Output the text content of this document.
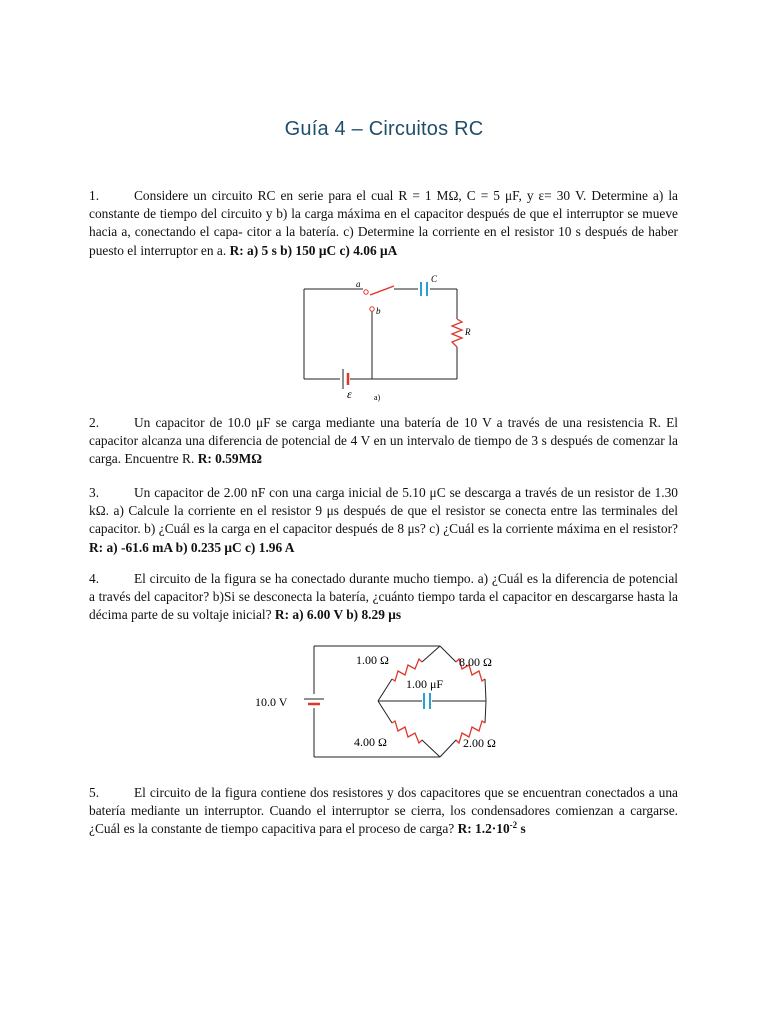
Guía 4 – Circuitos RC
1.	Considere un circuito RC en serie para el cual R = 1 MΩ, C = 5 μF, y ε= 30 V. Determine a) la constante de tiempo del circuito y b) la carga máxima en el capacitor después de que el interruptor se mueve hacia a, conectando el capa- citor a la batería. c) Determine la corriente en el resistor 10 s después de haber puesto el interruptor en a. R: a) 5 s b) 150 μC c) 4.06 μA
a
b
C
R
ε	a)
2.	Un capacitor de 10.0 μF se carga mediante una batería de 10 V a través de una resistencia R. El capacitor alcanza una diferencia de potencial de 4 V en un intervalo de tiempo de 3 s después de comenzar la carga. Encuentre R. R: 0.59MΩ
3.	Un capacitor de 2.00 nF con una carga inicial de 5.10 μC se descarga a través de un resistor de 1.30 kΩ. a) Calcule la corriente en el resistor 9 μs después de que el resistor se conecta entre las terminales del capacitor. b) ¿Cuál es la carga en el capacitor después de 8 μs? c) ¿Cuál es la corriente máxima en el resistor? R: a) -61.6 mA b) 0.235 μC c) 1.96 A
4.	El circuito de la figura se ha conectado durante mucho tiempo. a) ¿Cuál es la diferencia de potencial a través del capacitor? b)Si se desconecta la batería, ¿cuánto tiempo tarda el capacitor en descargarse hasta la décima parte de su voltaje inicial? R: a) 6.00 V b) 8.29 μs
10.0 V
1.00 Ω	8.00 Ω
1.00 μF
4.00 Ω	2.00 Ω
5.	El circuito de la figura contiene dos resistores y dos capacitores que se encuentran conectados a una batería mediante un interruptor. Cuando el interruptor se cierra, los condensadores comienzan a cargarse. ¿Cuál es la constante de tiempo capacitiva para el proceso de carga? R: $1.2\cdot 10^{-2}$ s
